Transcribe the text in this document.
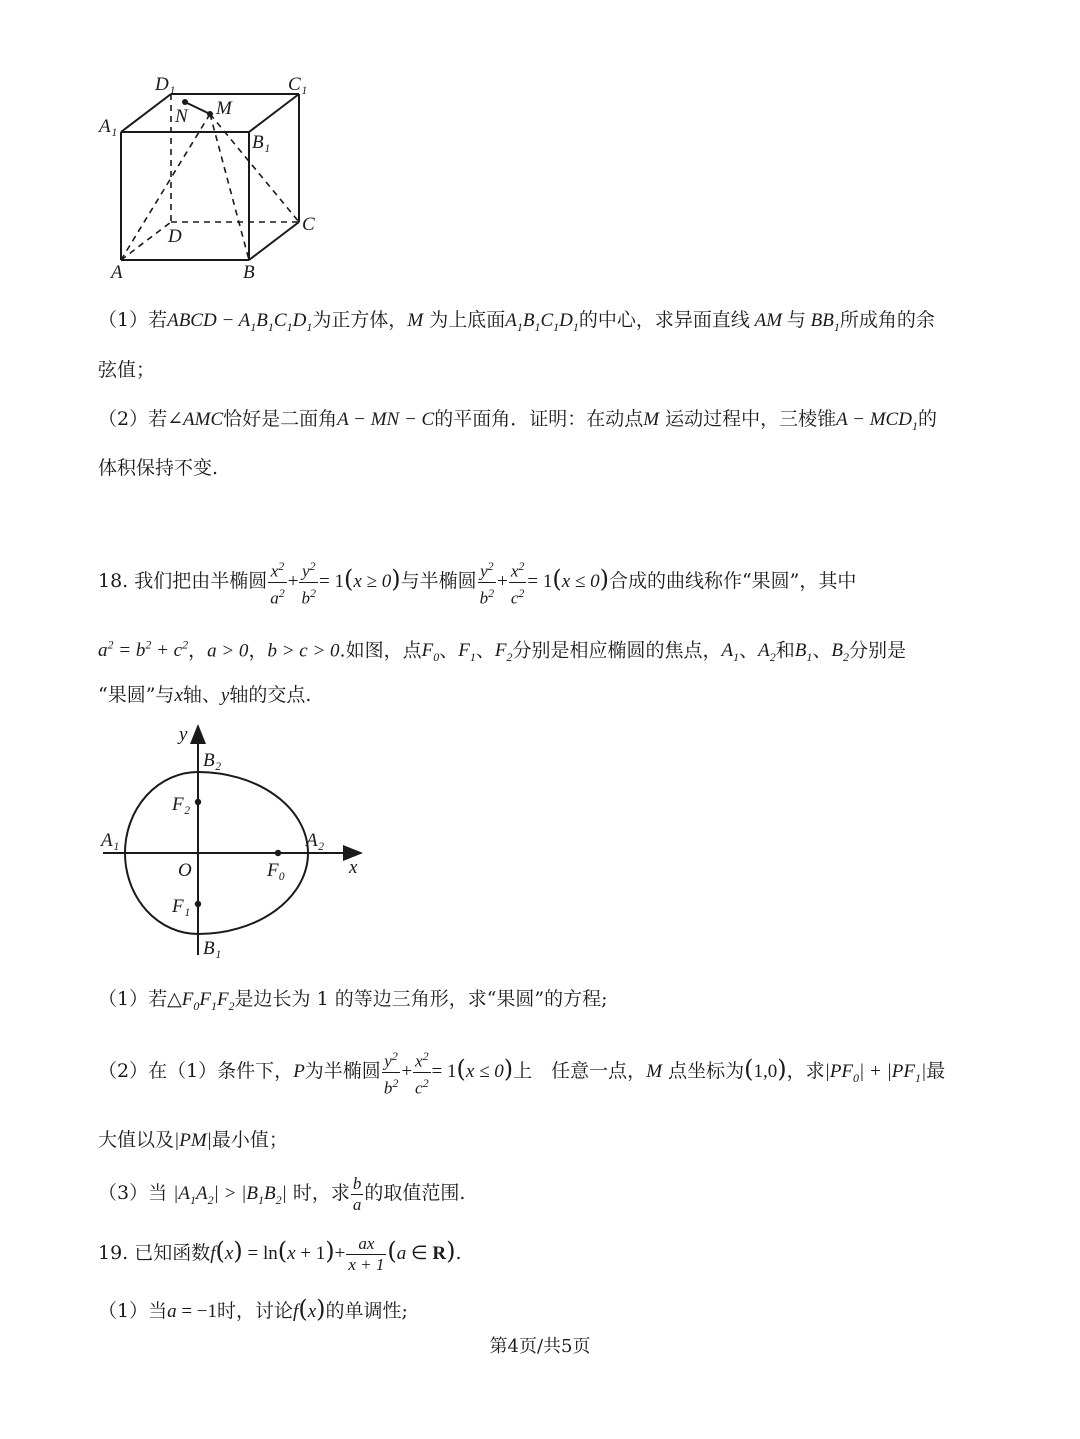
D₁	C₁
A₁	N M
B₁
D
C
A	B
（1）若ABCD − $A_1B_1C_1D_1$为正方体，M 为上底面$A_1B_1C_1D_1$的中心，求异面直线 AM 与 $BB_1$所成角的余
弦值；
（2）若∠AMC恰好是二面角A − MN − C的平面角．证明：在动点M 运动过程中，三棱锥$A - MCD_1$的
体积保持不变.
18. 我们把由半椭圆 $\frac{x^2}{a^2} + \frac{y^2}{b^2} = 1(x \ge 0)$与半椭圆 $\frac{y^2}{b^2} + \frac{x^2}{c^2} = 1(x \le 0)$合成的曲线称作“果圆”，其中
$a^2 = b^2 + c^2$，a > 0，b > c > 0.如图，点$F_0$、$F_1$、$F_2$分别是相应椭圆的焦点，$A_1$、$A_2$和$B_1$、$B_2$分别是
“果圆”与x轴、y轴的交点.
y
x
O
B₂
B₁
F₂
F₁
F₀
A₁	A₂
（1）若$\triangle F_0F_1F_2$是边长为 1 的等边三角形，求“果圆”的方程;
（2）在（1）条件下，P为半椭圆 $\frac{y^2}{b^2} + \frac{x^2}{c^2} = 1(x \le 0)$上　任意一点，M 点坐标为(1,0)，求$|PF_0| + |PF_1|$最
大值以及|PM|最小值；
（3）当 $|A_1A_2| > |B_1B_2|$ 时，求 $\frac{b}{a}$ 的取值范围.
19. 已知函数$f(x) = \ln(x + 1)+ \frac{ax}{x + 1} (a$ ∈ R).
（1）当a = −1时，讨论f(x)的单调性;
第4页/共5页
